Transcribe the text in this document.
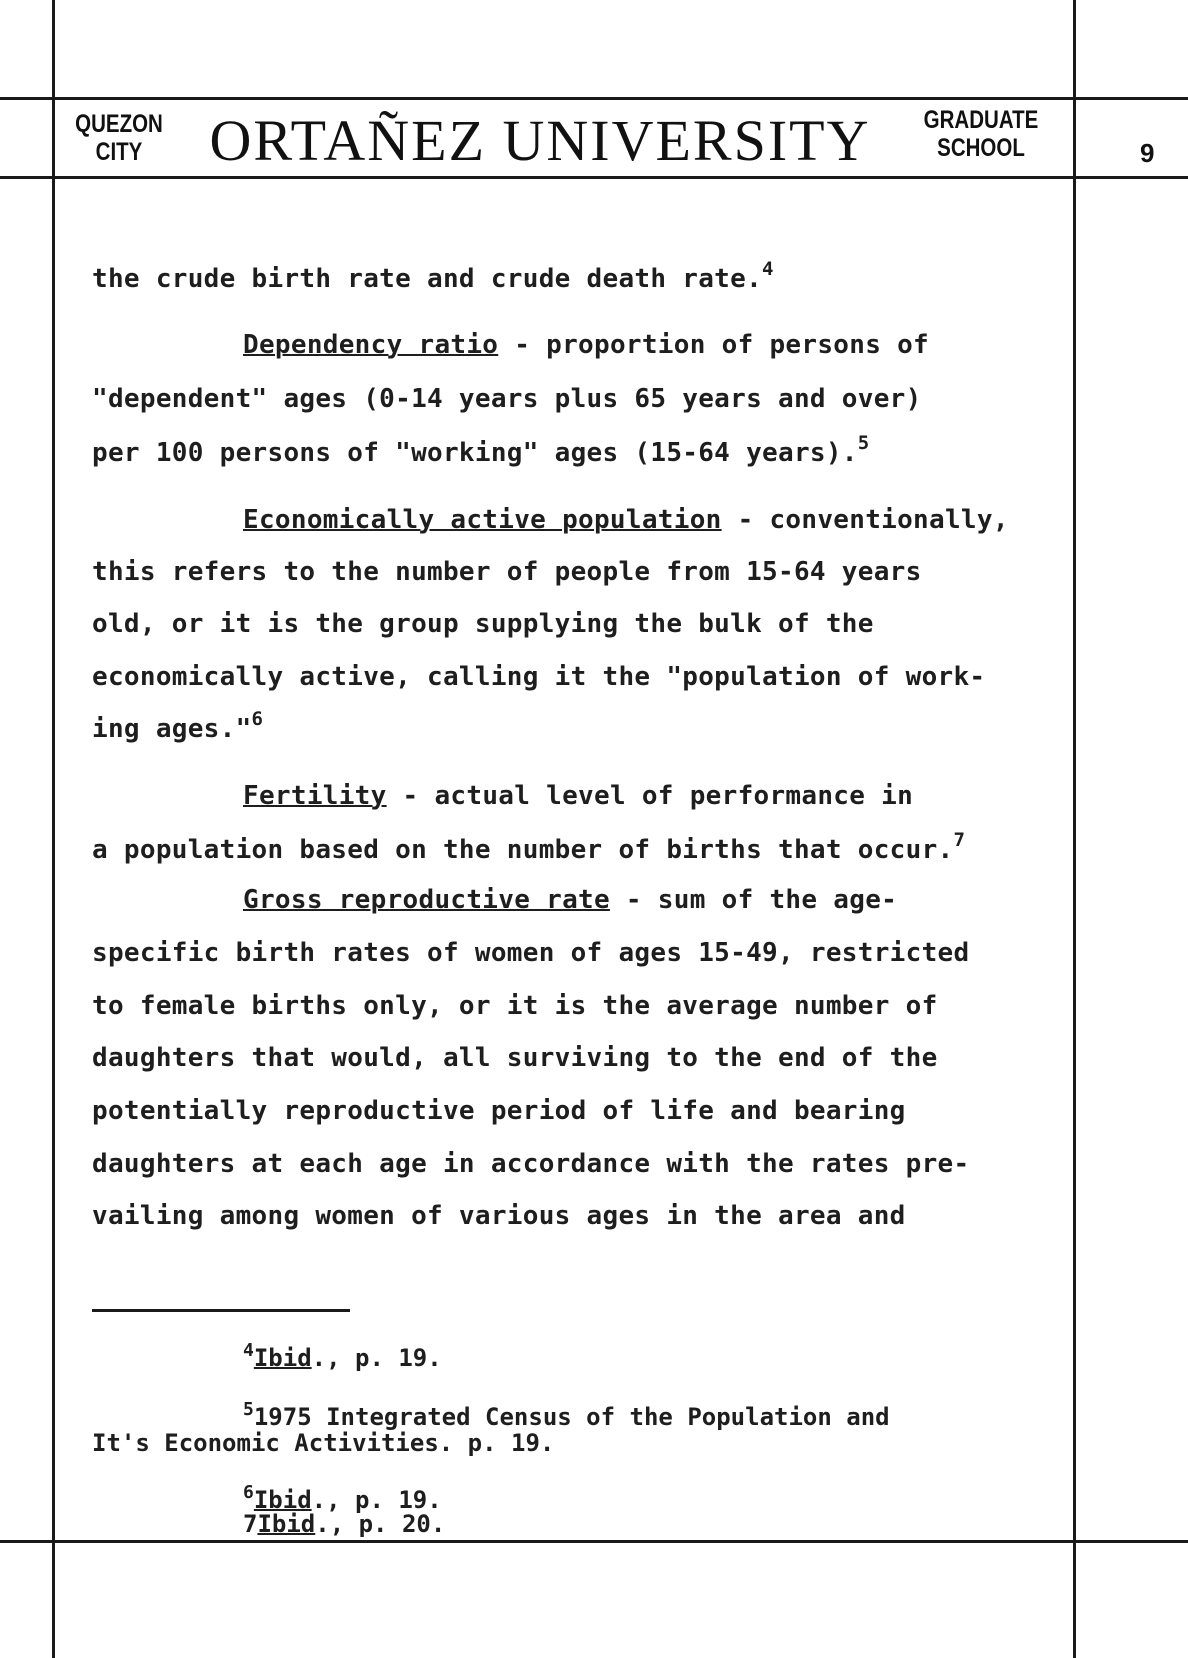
QUEZON
CITY	ORTAÑEZ UNIVERSITY	GRADUATE
SCHOOL	9
the crude birth rate and crude death rate.$^4$
Dependency ratio - proportion of persons of
"dependent" ages (0-14 years plus 65 years and over)
per 100 persons of "working" ages (15-64 years).$^5$
Economically active population - conventionally,
this refers to the number of people from 15-64 years
old, or it is the group supplying the bulk of the
economically active, calling it the "population of work-
ing ages."$^6$
Fertility - actual level of performance in
a population based on the number of births that occur.$^7$
Gross reproductive rate - sum of the age-
specific birth rates of women of ages 15-49, restricted
to female births only, or it is the average number of
daughters that would, all surviving to the end of the
potentially reproductive period of life and bearing
daughters at each age in accordance with the rates pre-
vailing among women of various ages in the area and
$^4$Ibid., p. 19.
$^5$1975 Integrated Census of the Population and
It's Economic Activities. p. 19.
$^6$Ibid., p. 19.
7Ibid., p. 20.
